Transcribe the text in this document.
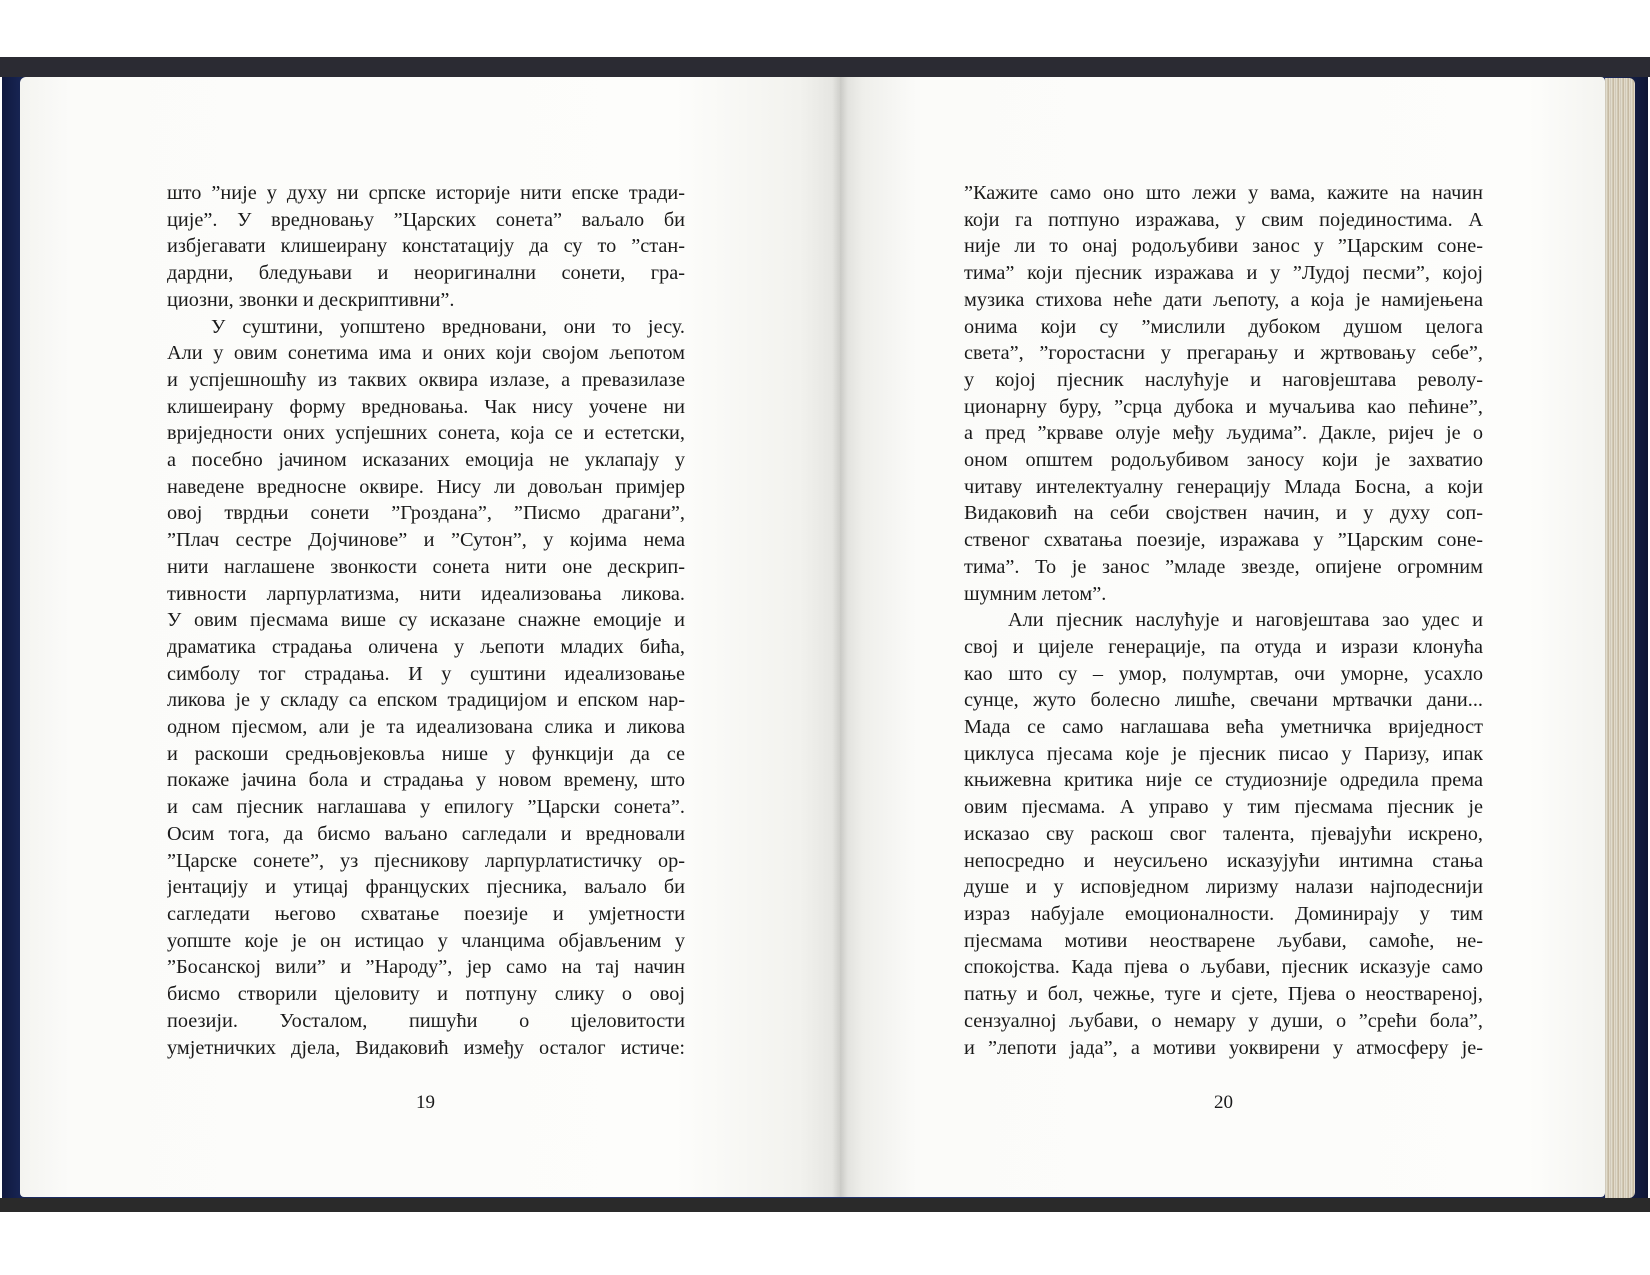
што ”није у духу ни српске историје нити епске тради-
ције”. У вредновању ”Царских сонета” ваљало би
избјегавати клишеирану констатацију да су то ”стан-
дардни, бледуњави и неоригинални сонети, гра-
циозни, звонки и дескриптивни”.
У суштини, уопштено вредновани, они то јесу.
Али у овим сонетима има и оних који својом љепотом
и успјешношћу из таквих оквира излазе, а превазилазе
клишеирану форму вредновања. Чак нису уочене ни
вриједности оних успјешних сонета, која се и естетски,
а посебно јачином исказаних емоција не уклапају у
наведене вредносне оквире. Нису ли довољан примјер
овој тврдњи сонети ”Гроздана”, ”Писмо драгани”,
”Плач сестре Дојчинове” и ”Сутон”, у којима нема
нити наглашене звонкости сонета нити оне дескрип-
тивности ларпурлатизма, нити идеализовања ликова.
У овим пјесмама више су исказане снажне емоције и
драматика страдања оличена у љепоти младих бића,
симболу тог страдања. И у суштини идеализовање
ликова је у складу са епском традицијом и епском нар-
одном пјесмом, али је та идеализована слика и ликова
и раскоши средњовјековља нишe у функцији да се
покаже јачина бола и страдања у новом времену, што
и сам пјесник наглашава у епилогу ”Царски сонета”.
Осим тога, да бисмо ваљано сагледали и вредновали
”Царске сонете”, уз пјесникову ларпурлатистичку ор-
јентацију и утицај француских пјесника, ваљало би
сагледати његово схватање поезије и умјетности
уопште које је он истицао у чланцима објављеним у
”Босанској вили” и ”Народу”, јер само на тај начин
бисмо створили цјеловиту и потпуну слику о овој
поезији. Уосталом, пишући о цјеловитости
умјетничких дјела, Видаковић између осталог истиче:
”Кажите само оно што лежи у вама, кажите на начин
који га потпуно изражава, у свим појединостима. А
није ли то онај родољубиви занос у ”Царским соне-
тима” који пјесник изражава и у ”Лудој песми”, којој
музика стихова неће дати љепоту, а која је намијењена
онима који су ”мислили дубоком душом целога
света”, ”горостасни у прегарању и жртвовању себе”,
у којој пјесник наслућује и наговјештава револу-
ционарну буру, ”срца дубока и мучаљива као пећине”,
а пред ”крваве олује међу људима”. Дакле, ријеч је о
оном општем родољубивом заносу који је захватио
читаву интелектуалну генерацију Млада Босна, а који
Видаковић на себи својствен начин, и у духу соп-
ственог схватања поезије, изражава у ”Царским соне-
тима”. То је занос ”младе звезде, опијене огромним
шумним летом”.
Али пјесник наслућује и наговјештава зао удес и
свој и цијеле генерације, па отуда и изрази клонућа
као што су – умор, полумртав, очи уморне, усахло
сунце, жуто болесно лишће, свечани мртвачки дани...
Мада се само наглашава већа уметничка вриједност
циклуса пјесама које је пјесник писао у Паризу, ипак
књижевна критика није се студиозније одредила према
овим пјесмама. А управо у тим пјесмама пјесник је
исказао сву раскош свог талента, пјевајући искрено,
непосредно и неусиљено исказујући интимна стања
душе и у исповједном лиризму налази најподеснији
израз набујале емоционалности. Доминирају у тим
пјесмама мотиви неостварене љубави, самоће, не-
спокојства. Када пјева о љубави, пјесник исказује само
патњу и бол, чежње, туге и сјете, Пјева о неоствареној,
сензуалној љубави, о немару у души, о ”срећи бола”,
и ”лепоти јада”, а мотиви уоквирени у атмосферу је-
19	20
